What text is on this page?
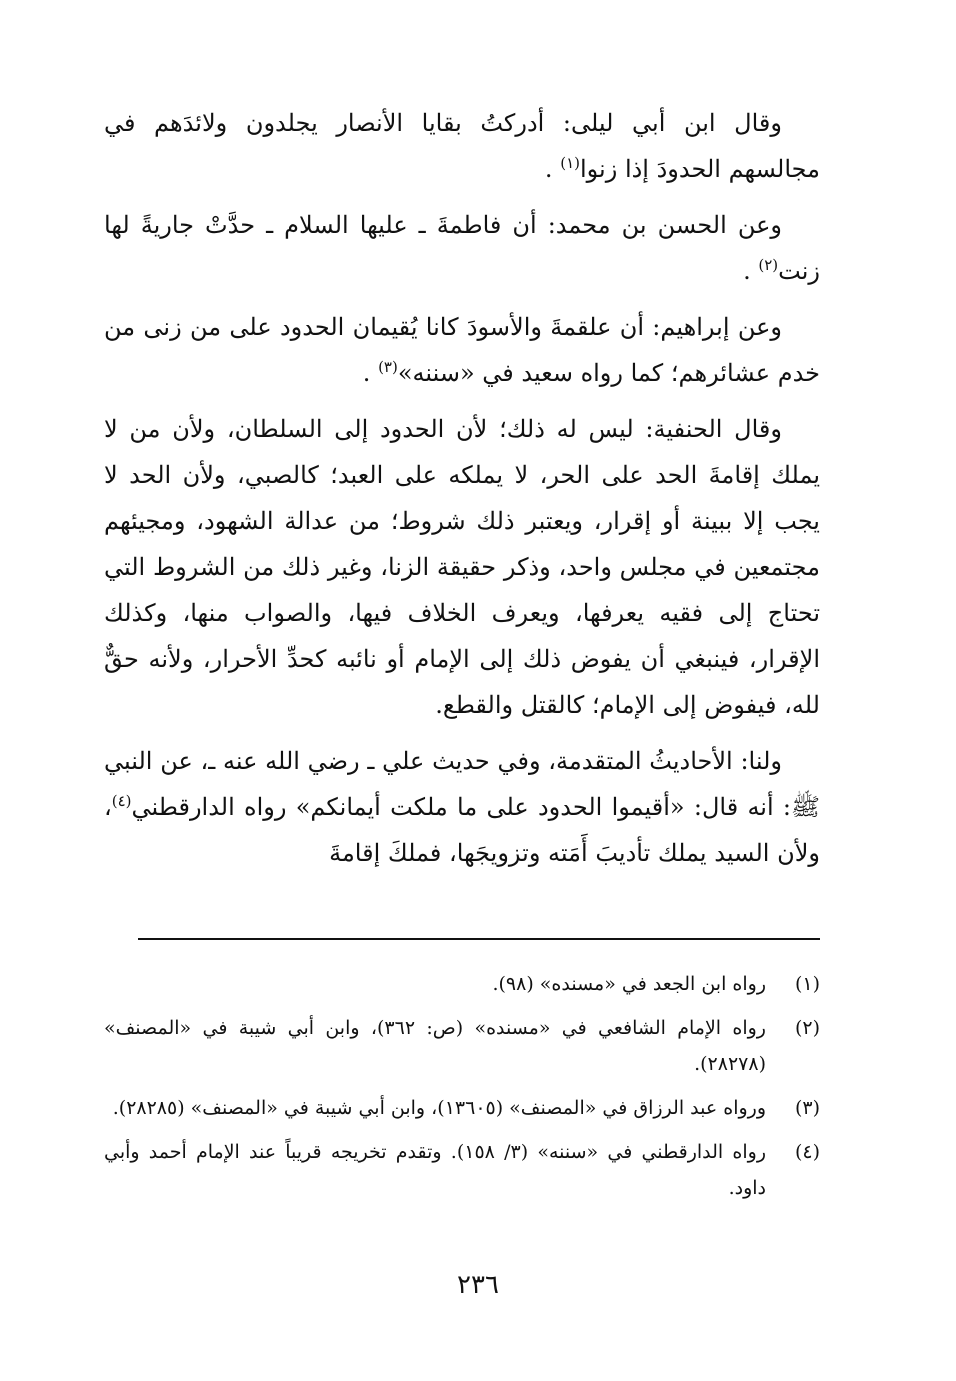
وقال ابن أبي ليلى: أدركتُ بقايا الأنصار يجلدون ولائدَهم في مجالسهم الحدودَ إذا زنوا$^{(١)}$ .

وعن الحسن بن محمد: أن فاطمةَ ـ عليها السلام ـ حدَّتْ جاريةً لها زنت$^{(٢)}$ .

وعن إبراهيم: أن علقمةَ والأسودَ كانا يُقيمان الحدود على من زنى من خدم عشائرهم؛ كما رواه سعيد في «سننه»$^{(٣)}$ .

وقال الحنفية: ليس له ذلك؛ لأن الحدود إلى السلطان، ولأن من لا يملك إقامةَ الحد على الحر، لا يملكه على العبد؛ كالصبي، ولأن الحد لا يجب إلا ببينة أو إقرار، ويعتبر ذلك شروط؛ من عدالة الشهود، ومجيئهم مجتمعين في مجلس واحد، وذكر حقيقة الزنا، وغير ذلك من الشروط التي تحتاج إلى فقيه يعرفها، ويعرف الخلاف فيها، والصواب منها، وكذلك الإقرار، فينبغي أن يفوض ذلك إلى الإمام أو نائبه كحدِّ الأحرار، ولأنه حقٌّ لله، فيفوض إلى الإمام؛ كالقتل والقطع.

ولنا: الأحاديثُ المتقدمة، وفي حديث علي ـ رضي الله عنه ـ، عن النبي ﷺ: أنه قال: «أقيموا الحدود على ما ملكت أيمانكم» رواه الدارقطني$^{(٤)}$، ولأن السيد يملك تأديبَ أَمَته وتزويجَها، فملكَ إقامةَ

(١)
رواه ابن الجعد في «مسنده» (٩٨).
(٢)
رواه الإمام الشافعي في «مسنده» (ص: ٣٦٢)، وابن أبي شيبة في «المصنف» (٢٨٢٧٨).
(٣)
ورواه عبد الرزاق في «المصنف» (١٣٦٠٥)، وابن أبي شيبة في «المصنف» (٢٨٢٨٥).
(٤)
رواه الدارقطني في «سننه» (٣/ ١٥٨). وتقدم تخريجه قريباً عند الإمام أحمد وأبي داود.
٢٣٦
